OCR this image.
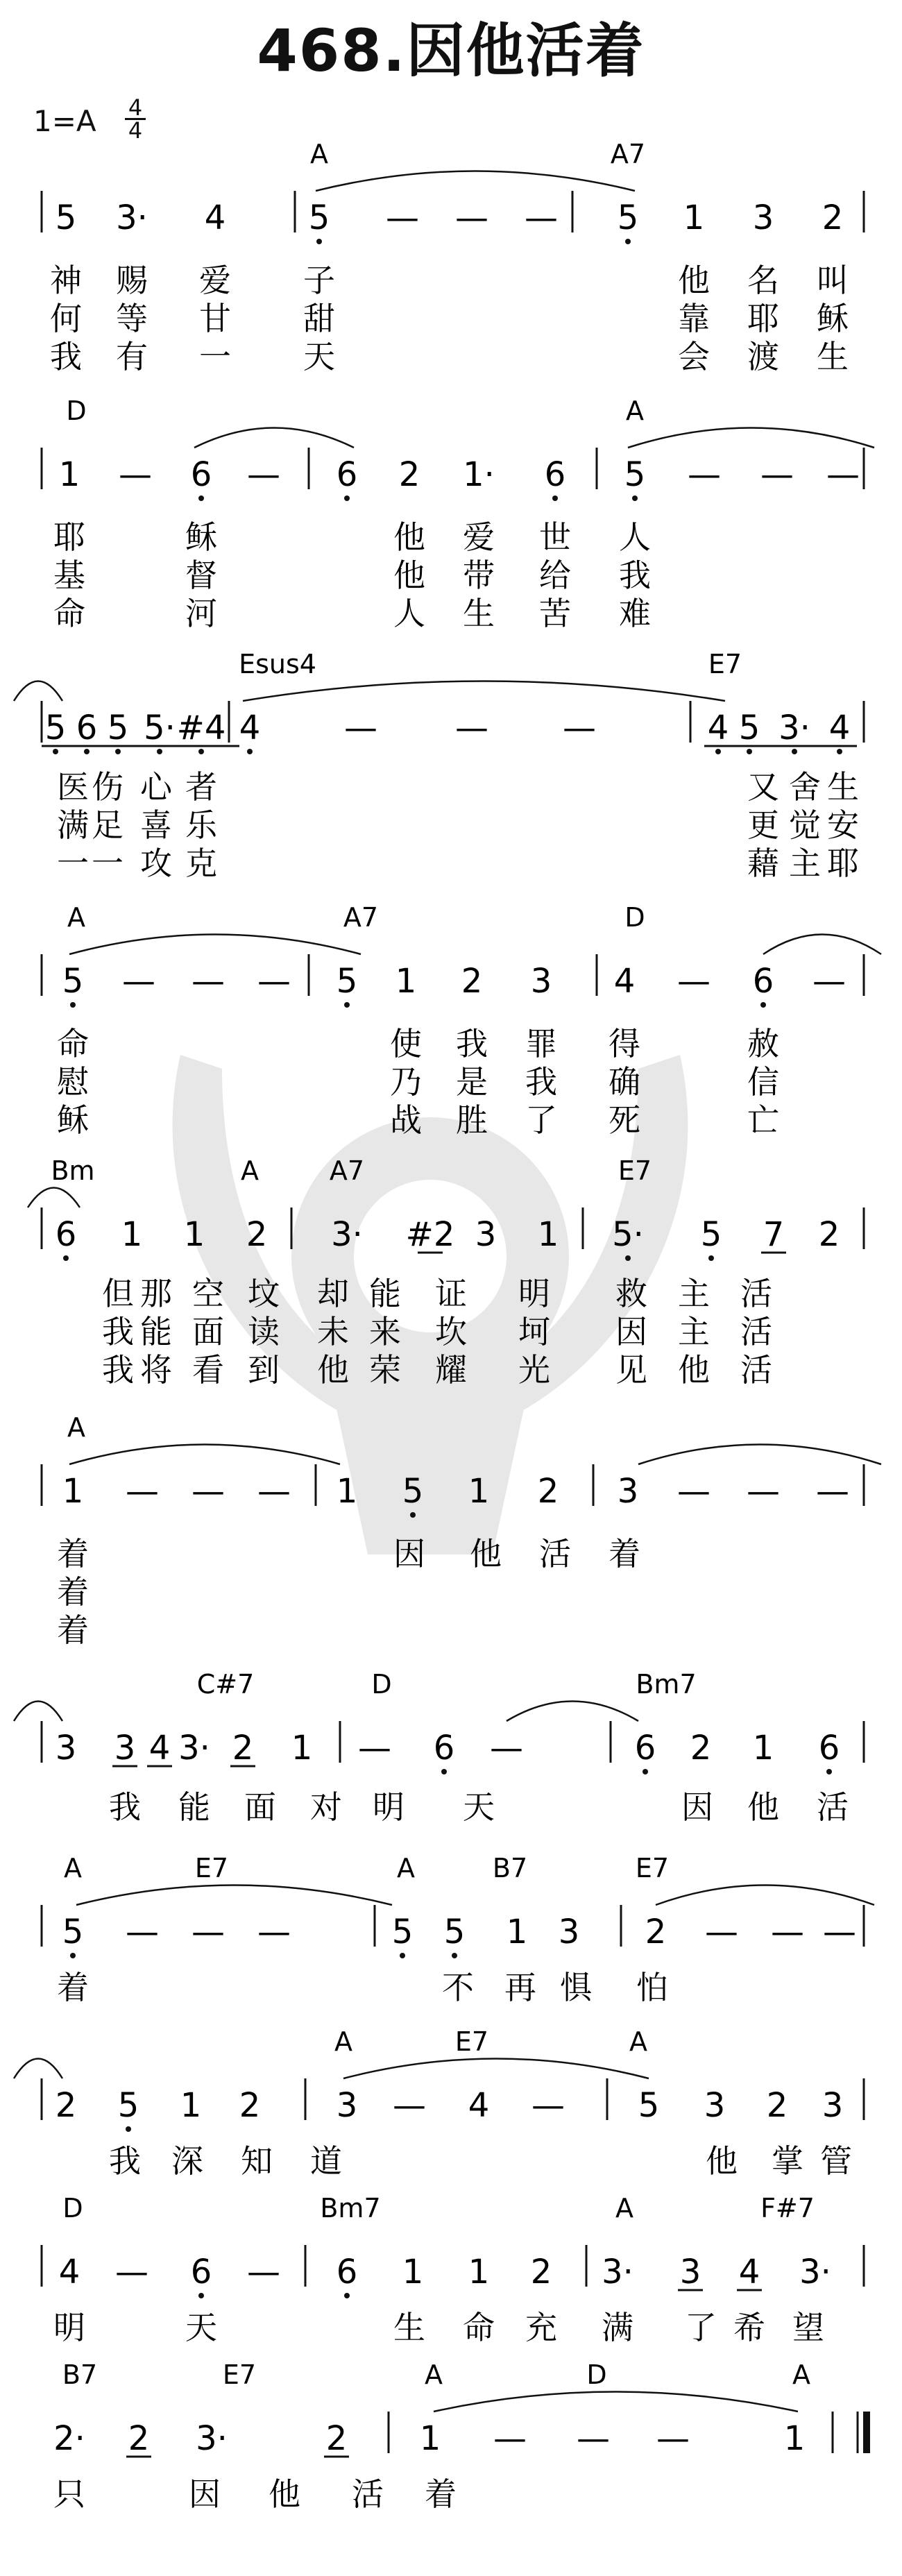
468.因他活着
1=A 4
4
A	A7
5 3· 4 5 — — — 5 1 3 2
神 赐 爱 子	他 名 叫
何 等 甘 甜	靠 耶 稣
我 有 一 天	会 渡 生
D	A
1 — 6 — 6 2 1· 6 5 — — —
耶	稣	他 爱 世 人
基	督	他 带 给 我
命	河	人 生 苦 难
Esus4	E7
5 6 5 5· #4 4	— — —	4 5 3· 4
医 伤 心 者	又 舍 生
满 足 喜 乐	更 觉 安
一 一 攻 克	藉 主 耶
A	A7	D
5 — — — 5 1 2 3 4 — 6 —
命	使 我 罪 得	赦
慰	乃 是 我 确	信
稣	战 胜 了 死	亡
Bm	A	A7	E7
6 1 1 2 3· #2 3 1 5· 5 7 2
但 那 空 坟 却 能 证 明 救 主 活
我 能 面 读 未 来 坎 坷 因 主 活
我 将 看 到 他 荣 耀 光 见 他 活
A
1 — — — 1 5 1 2 3 — — —
着	因 他 活 着
着
着
C#7	D	Bm7
3 3 4 3· 2 1 — 6 —	6 2 1 6
我 能 面 对 明 天	因 他 活
A	E7	A	B7	E7
5 — — —	5 5 1 3 2 — — —
着	不 再 惧 怕
A	E7	A
2 5 1 2 3 — 4 — 5 3 2 3
我 深 知 道	他 掌 管
D	Bm7	A	F#7
4 — 6 — 6 1 1 2 3· 3 4 3·
明	天	生 命 充 满 了 希 望
B7	E7	A	D	A
2· 2 3·	2 1 — — —	1
只	因 他 活 着
